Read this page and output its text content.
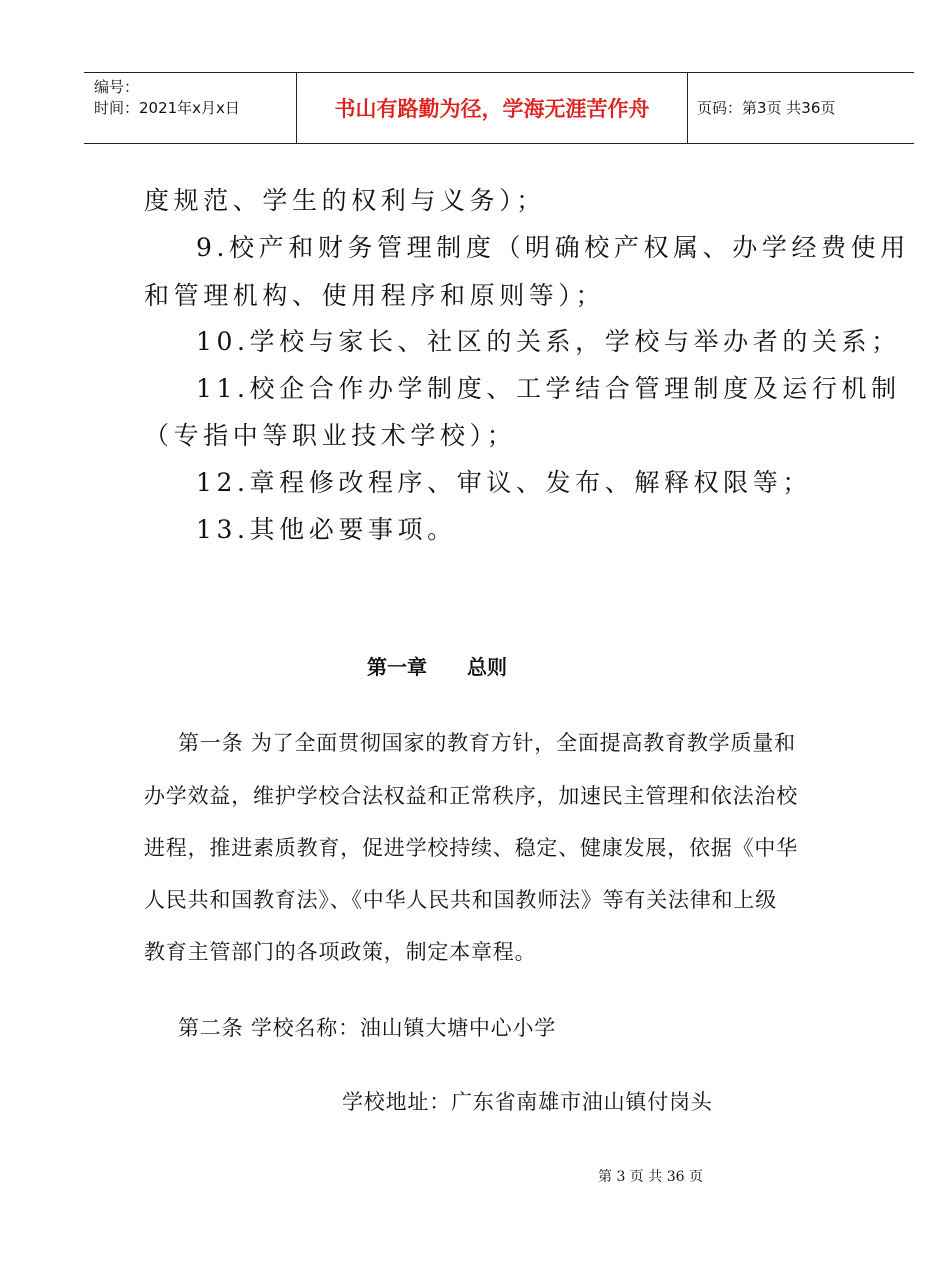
编号：
时间：2021年x月x日	书山有路勤为径，学海无涯苦作舟	页码：第3页 共36页
度规范、学生的权利与义务）；
9.校产和财务管理制度（明确校产权属、办学经费使用
和管理机构、使用程序和原则等）；
10.学校与家长、社区的关系，学校与举办者的关系；
11.校企合作办学制度、工学结合管理制度及运行机制
（专指中等职业技术学校）；
12.章程修改程序、审议、发布、解释权限等；
13.其他必要事项。
第一章　　总则
第一条 为了全面贯彻国家的教育方针，全面提高教育教学质量和
办学效益，维护学校合法权益和正常秩序，加速民主管理和依法治校
进程，推进素质教育，促进学校持续、稳定、健康发展，依据《中华
人民共和国教育法》、《中华人民共和国教师法》等有关法律和上级
教育主管部门的各项政策，制定本章程。
第二条 学校名称：油山镇大塘中心小学
学校地址：广东省南雄市油山镇付岗头
第 3 页 共 36 页
